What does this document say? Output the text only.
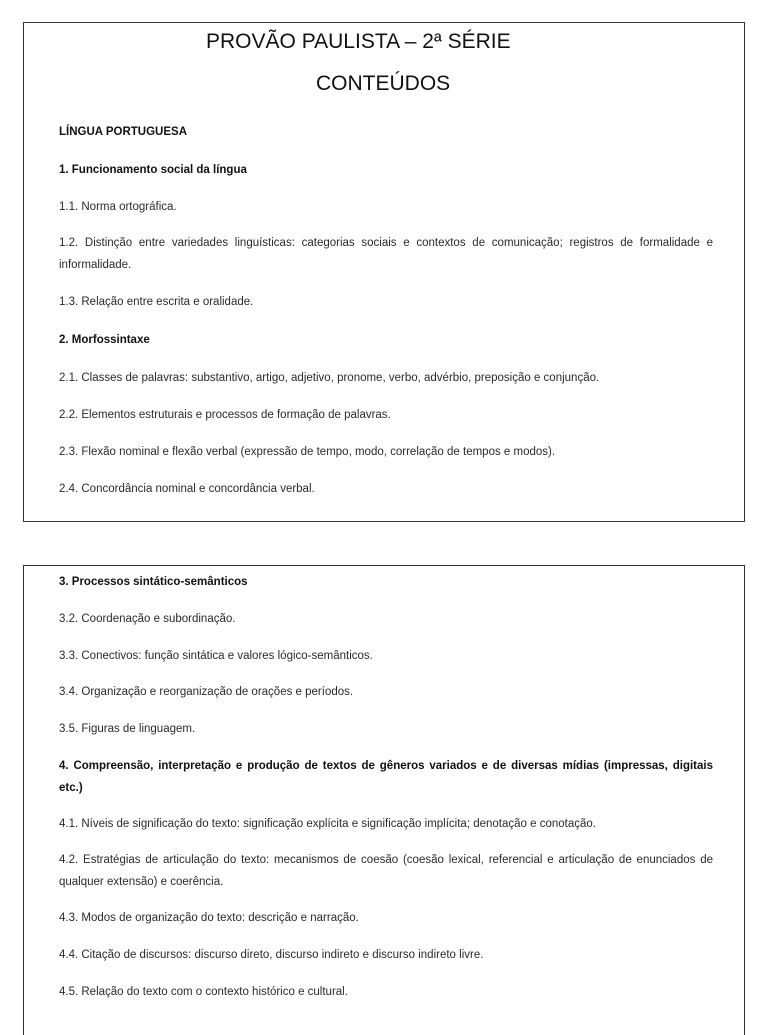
PROVÃO PAULISTA – 2ª SÉRIE
CONTEÚDOS
LÍNGUA PORTUGUESA
1. Funcionamento social da língua
1.1. Norma ortográfica.
1.2. Distinção entre variedades linguísticas: categorias sociais e contextos de comunicação; registros de formalidade e informalidade.
1.3. Relação entre escrita e oralidade.
2. Morfossintaxe
2.1. Classes de palavras: substantivo, artigo, adjetivo, pronome, verbo, advérbio, preposição e conjunção.
2.2. Elementos estruturais e processos de formação de palavras.
2.3. Flexão nominal e flexão verbal (expressão de tempo, modo, correlação de tempos e modos).
2.4. Concordância nominal e concordância verbal.
3. Processos sintático-semânticos
3.2. Coordenação e subordinação.
3.3. Conectivos: função sintática e valores lógico-semânticos.
3.4. Organização e reorganização de orações e períodos.
3.5. Figuras de linguagem.
4. Compreensão, interpretação e produção de textos de gêneros variados e de diversas mídias (impressas, digitais etc.)
4.1. Níveis de significação do texto: significação explícita e significação implícita; denotação e conotação.
4.2. Estratégias de articulação do texto: mecanismos de coesão (coesão lexical, referencial e articulação de enunciados de qualquer extensão) e coerência.
4.3. Modos de organização do texto: descrição e narração.
4.4. Citação de discursos: discurso direto, discurso indireto e discurso indireto livre.
4.5. Relação do texto com o contexto histórico e cultural.
